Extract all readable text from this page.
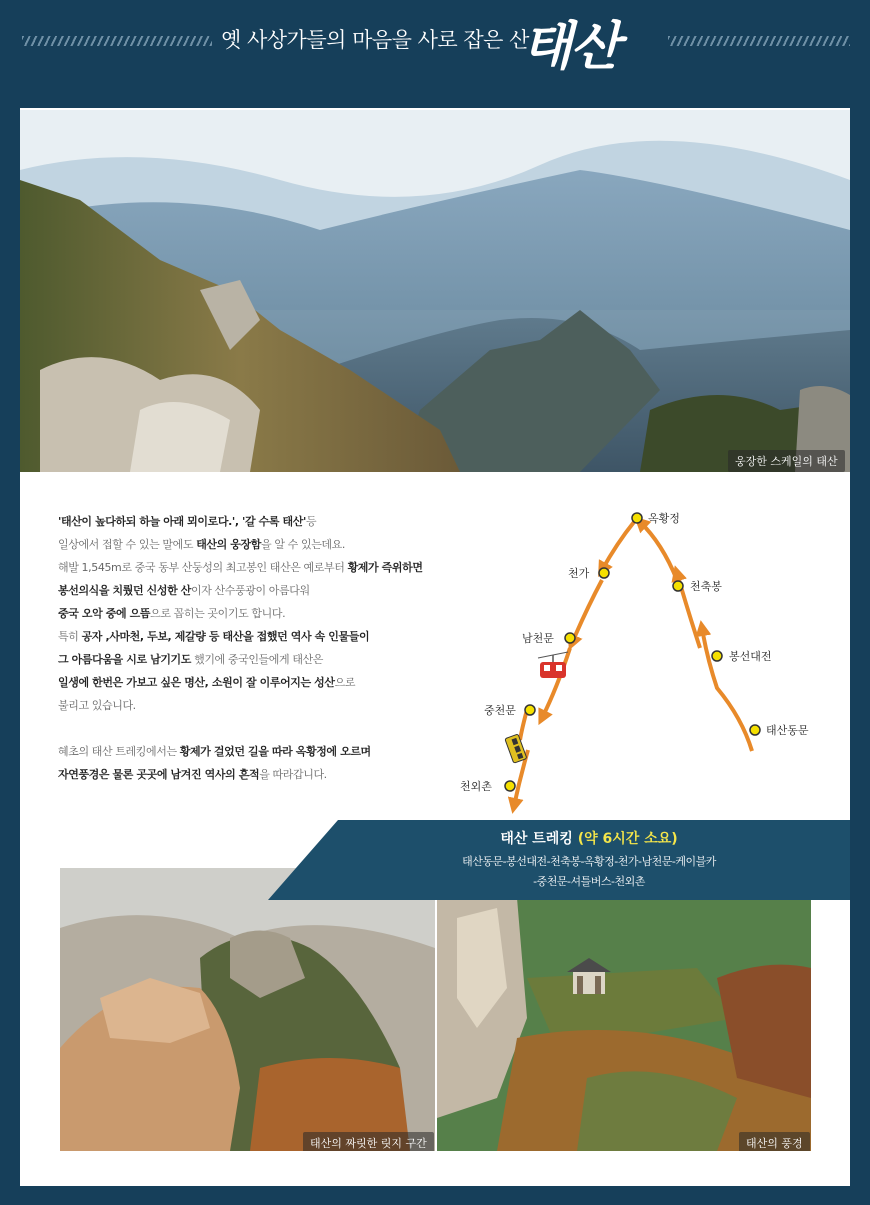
옛 사상가들의 마음을 사로 잡은 산
태산
웅장한 스케일의 태산

'태산이 높다하되 하늘 아래 뫼이로다.', '갈 수록 태산'등

일상에서 접할 수 있는 말에도 태산의 웅장함을 알 수 있는데요.

해발 1,545m로 중국 동부 산둥성의 최고봉인 태산은 예로부터 황제가 즉위하면

봉선의식을 치뤘던 신성한 산이자 산수풍광이 아름다워

중국 오악 중에 으뜸으로 꼽히는 곳이기도 합니다.

특히 공자 ,사마천, 두보, 제갈량 등 태산을 접했던 역사 속 인물들이

그 아름다움을 시로 남기기도 했기에 중국인들에게 태산은

일생에 한번은 가보고 싶은 명산, 소원이 잘 이루어지는 성산으로

불리고 있습니다.

혜초의 태산 트레킹에서는 황제가 걸었던 길을 따라 옥황정에 오르며

자연풍경은 물론 곳곳에 남겨진 역사의 흔적을 따라갑니다.

옥황정
천가
천축봉
남천문
봉선대전
중천문
태산동문
천외촌
태산의 짜릿한 릿지 구간	태산의 풍경
태산 트레킹 (약 6시간 소요)
태산동문-봉선대전-천축봉-옥황정-천가-남천문-케이블카
-중천문-셔틀버스-천외촌
